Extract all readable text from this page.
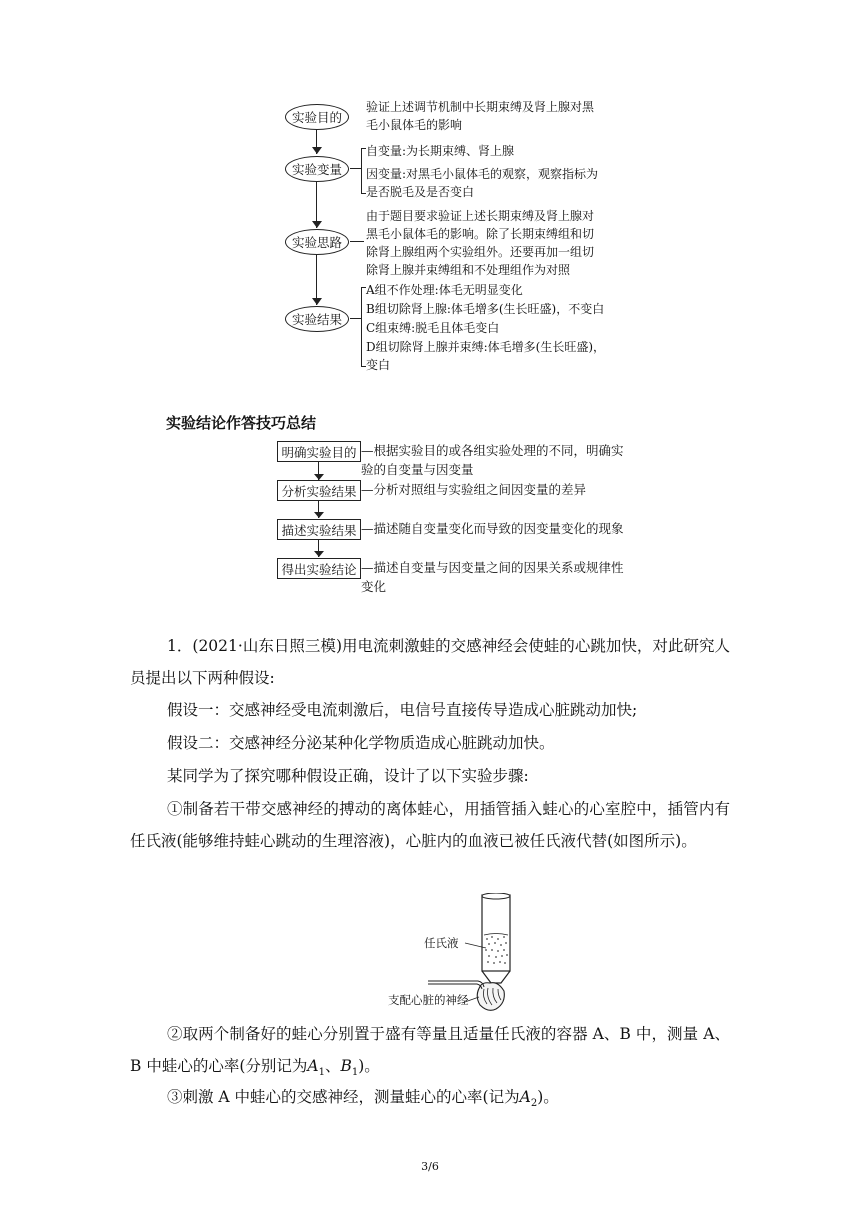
实验目的
验证上述调节机制中长期束缚及肾上腺对黑
毛小鼠体毛的影响
实验变量
自变量:为长期束缚、肾上腺
因变量:对黑毛小鼠体毛的观察，观察指标为
是否脱毛及是否变白
实验思路
由于题目要求验证上述长期束缚及肾上腺对
黑毛小鼠体毛的影响。除了长期束缚组和切
除肾上腺组两个实验组外。还要再加一组切
除肾上腺并束缚组和不处理组作为对照
实验结果
A组不作处理:体毛无明显变化
B组切除肾上腺:体毛增多(生长旺盛)，不变白
C组束缚:脱毛且体毛变白
D组切除肾上腺并束缚:体毛增多(生长旺盛)，
变白
实验结论作答技巧总结
明确实验目的 —根据实验目的或各组实验处理的不同，明确实
验的自变量与因变量
分析实验结果 —分析对照组与实验组之间因变量的差异
描述实验结果 —描述随自变量变化而导致的因变量变化的现象
得出实验结论 —描述自变量与因变量之间的因果关系或规律性
变化
1．(2021·山东日照三模)用电流刺激蛙的交感神经会使蛙的心跳加快，对此研究人员提出以下两种假设:
假设一：交感神经受电流刺激后，电信号直接传导造成心脏跳动加快;
假设二：交感神经分泌某种化学物质造成心脏跳动加快。
某同学为了探究哪种假设正确，设计了以下实验步骤:
①制备若干带交感神经的搏动的离体蛙心，用插管插入蛙心的心室腔中，插管内有任氏液(能够维持蛙心跳动的生理溶液)，心脏内的血液已被任氏液代替(如图所示)。
任氏液
支配心脏的神经
②取两个制备好的蛙心分别置于盛有等量且适量任氏液的容器 A、B 中，测量 A、B 中蛙心的心率(分别记为$A_1$、$B_1$)。
③刺激 A 中蛙心的交感神经，测量蛙心的心率(记为$A_2$)。
3/6
